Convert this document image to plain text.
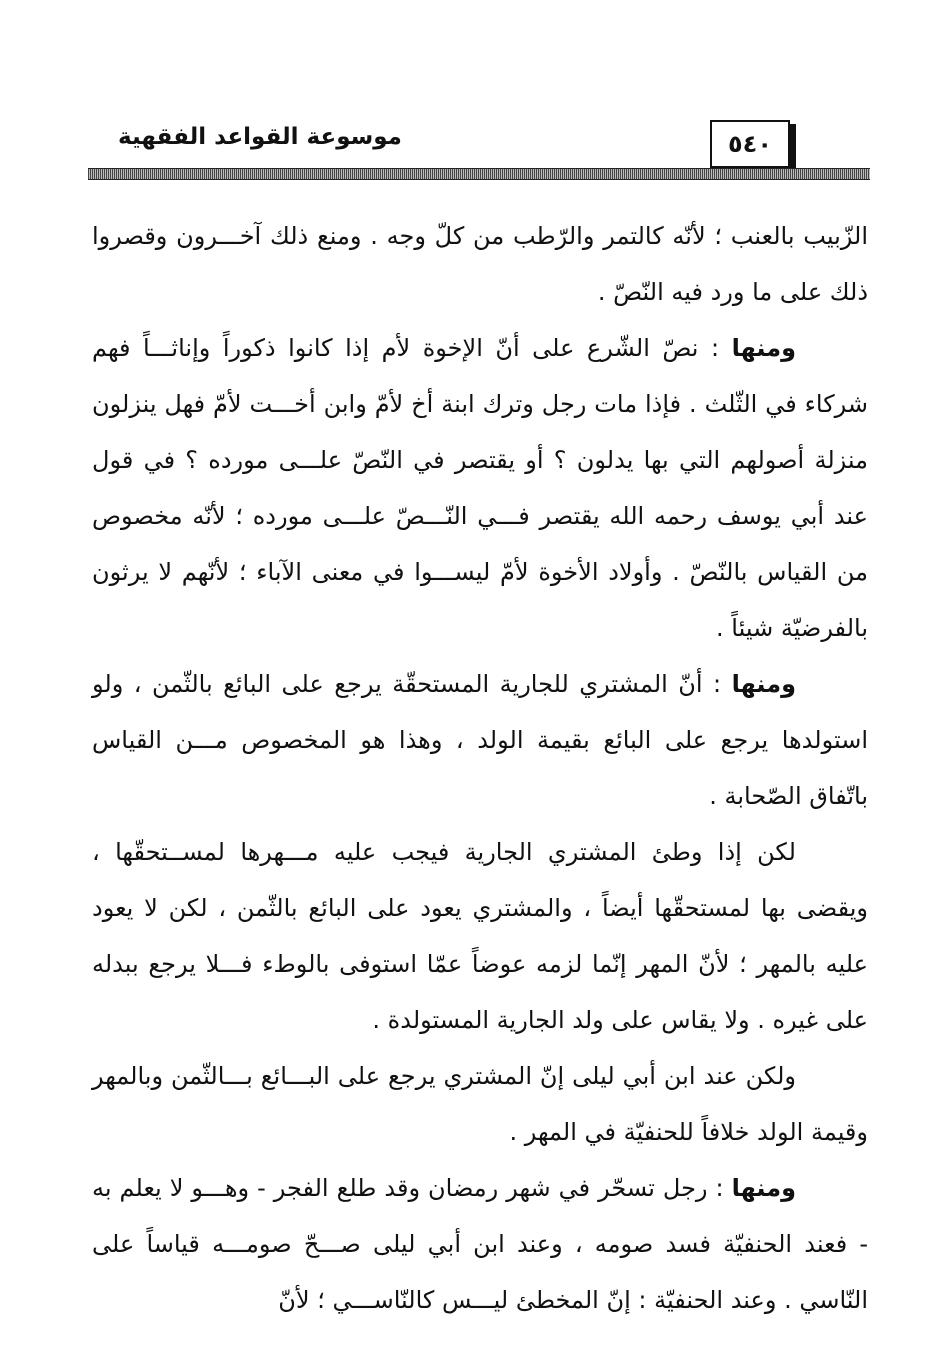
موسوعة القواعد الفقهية	٥٤٠

الزّبيب بالعنب ؛ لأنّه كالتمر والرّطب من كلّ وجه . ومنع ذلك آخـــرون وقصروا ذلك على ما ورد فيه النّصّ .

ومنها : نصّ الشّرع على أنّ الإخوة لأم إذا كانوا ذكوراً وإناثـــاً فهم شركاء في الثّلث . فإذا مات رجل وترك ابنة أخ لأمّ وابن أخـــت لأمّ فهل ينزلون منزلة أصولهم التي بها يدلون ؟ أو يقتصر في النّصّ علـــى مورده ؟ في قول عند أبي يوسف رحمه الله يقتصر فـــي النّـــصّ علـــى مورده ؛ لأنّه مخصوص من القياس بالنّصّ . وأولاد الأخوة لأمّ ليســـوا في معنى الآباء ؛ لأنّهم لا يرثون بالفرضيّة شيئاً .

ومنها : أنّ المشتري للجارية المستحقّة يرجع على البائع بالثّمن ، ولو استولدها يرجع على البائع بقيمة الولد ، وهذا هو المخصوص مـــن القياس باتّفاق الصّحابة .

لكن إذا وطئ المشتري الجارية فيجب عليه مـــهرها لمســتحقّها ، ويقضى بها لمستحقّها أيضاً ، والمشتري يعود على البائع بالثّمن ، لكن لا يعود عليه بالمهر ؛ لأنّ المهر إنّما لزمه عوضاً عمّا استوفى بالوطء فـــلا يرجع ببدله على غيره . ولا يقاس على ولد الجارية المستولدة .

ولكن عند ابن أبي ليلى إنّ المشتري يرجع على البـــائع بـــالثّمن وبالمهر وقيمة الولد خلافاً للحنفيّة في المهر .

ومنها : رجل تسحّر في شهر رمضان وقد طلع الفجر - وهـــو لا يعلم به - فعند الحنفيّة فسد صومه ، وعند ابن أبي ليلى صـــحّ صومـــه قياساً على النّاسي . وعند الحنفيّة : إنّ المخطئ ليـــس كالنّاســـي ؛ لأنّ
